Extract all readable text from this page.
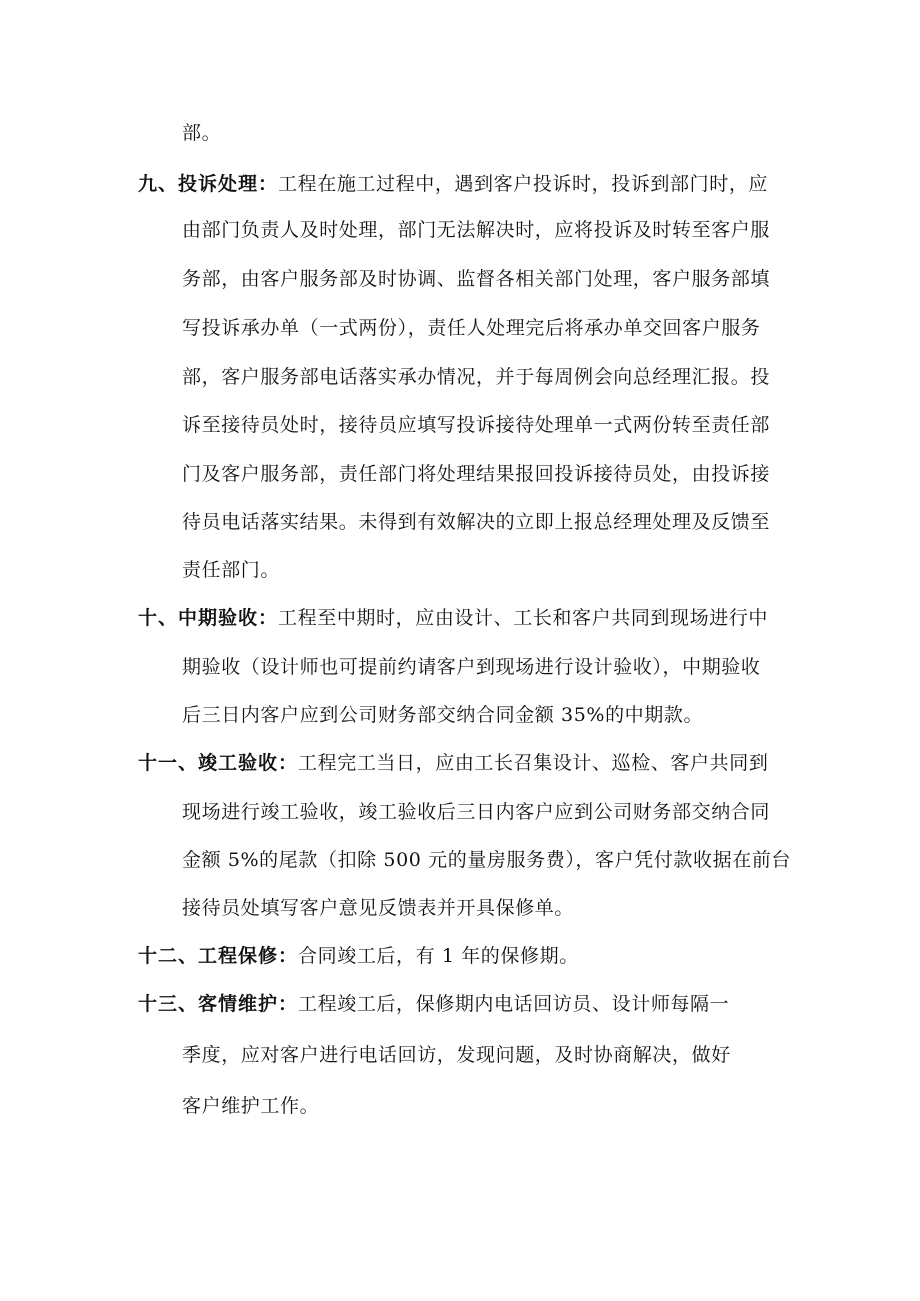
部。
九、投诉处理：工程在施工过程中，遇到客户投诉时，投诉到部门时，应
由部门负责人及时处理，部门无法解决时，应将投诉及时转至客户服
务部，由客户服务部及时协调、监督各相关部门处理，客户服务部填
写投诉承办单（一式两份），责任人处理完后将承办单交回客户服务
部，客户服务部电话落实承办情况，并于每周例会向总经理汇报。投
诉至接待员处时，接待员应填写投诉接待处理单一式两份转至责任部
门及客户服务部，责任部门将处理结果报回投诉接待员处，由投诉接
待员电话落实结果。未得到有效解决的立即上报总经理处理及反馈至
责任部门。
十、中期验收：工程至中期时，应由设计、工长和客户共同到现场进行中
期验收（设计师也可提前约请客户到现场进行设计验收），中期验收
后三日内客户应到公司财务部交纳合同金额 35%的中期款。
十一、竣工验收：工程完工当日，应由工长召集设计、巡检、客户共同到
现场进行竣工验收，竣工验收后三日内客户应到公司财务部交纳合同
金额 5%的尾款（扣除 500 元的量房服务费），客户凭付款收据在前台
接待员处填写客户意见反馈表并开具保修单。
十二、工程保修：合同竣工后，有 1 年的保修期。
十三、客情维护：工程竣工后，保修期内电话回访员、设计师每隔一
季度，应对客户进行电话回访，发现问题，及时协商解决，做好
客户维护工作。
